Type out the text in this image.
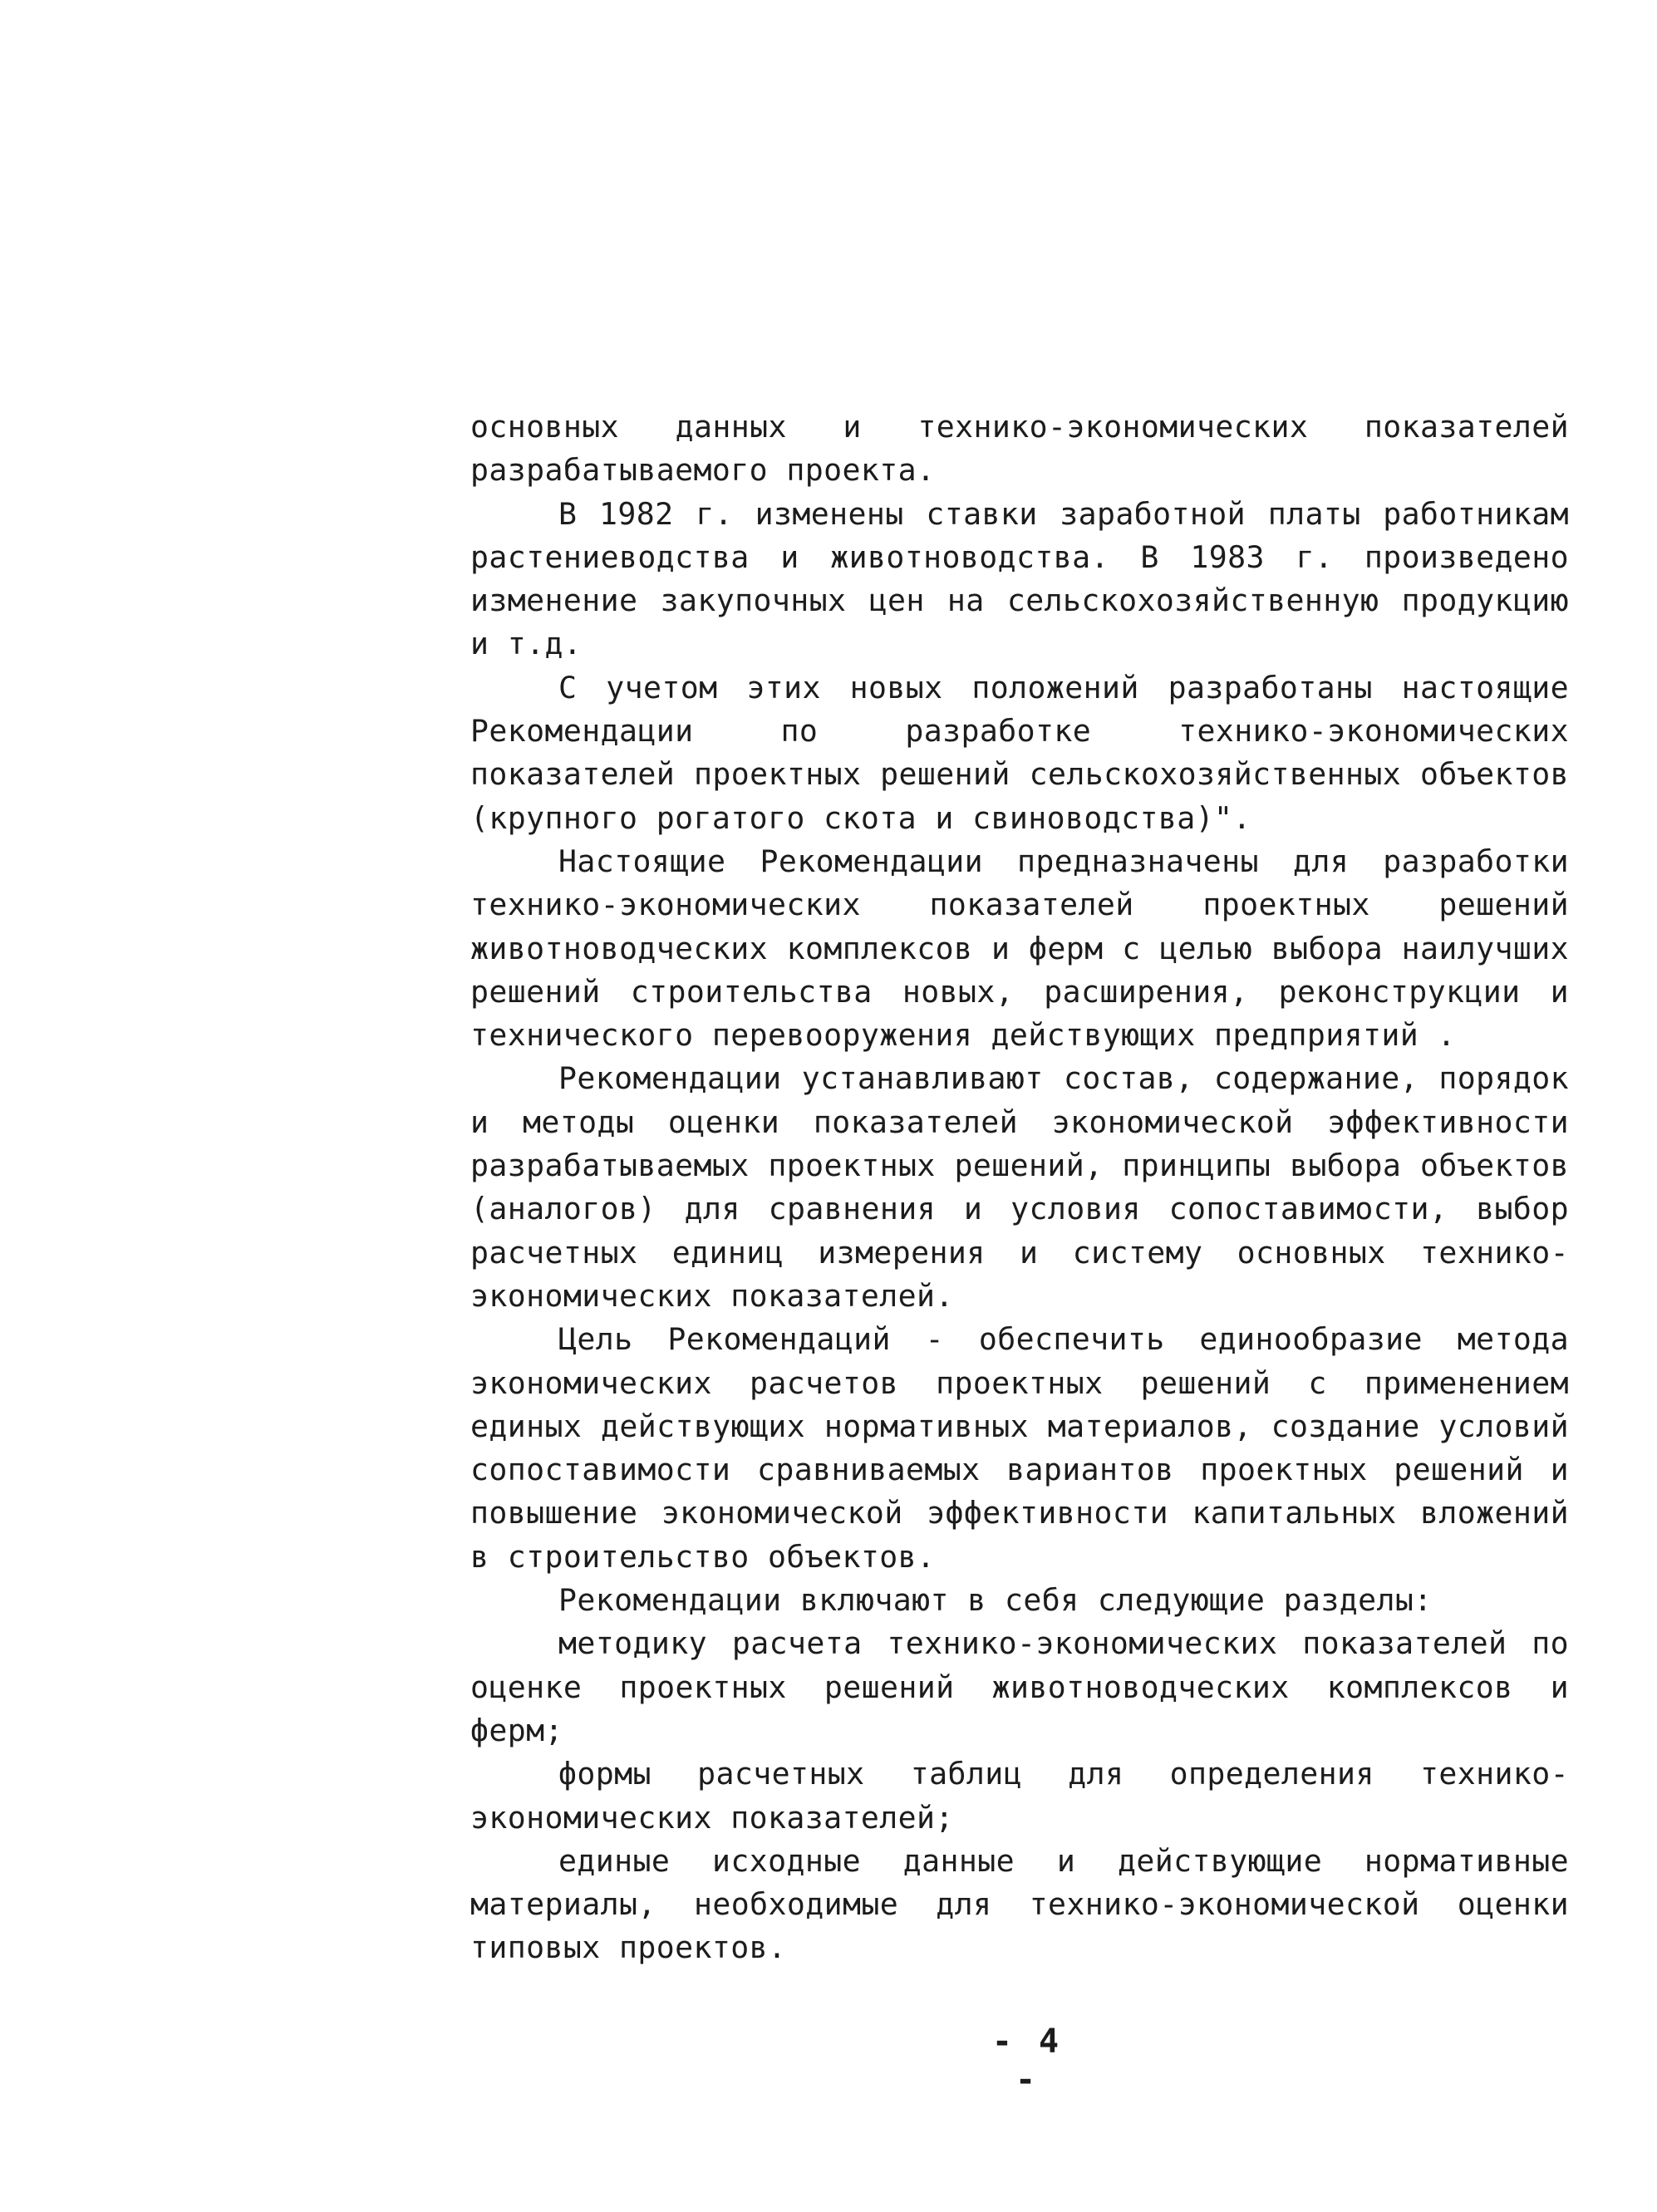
основных данных и технико-экономических показателей разрабатываемого проекта.

В 1982 г. изменены ставки заработной платы работникам растениеводства и животноводства. В 1983 г. произведено изменение закупочных цен на сельскохозяйственную продукцию и т.д.

С учетом этих новых положений разработаны настоящие Рекомендации по разработке технико-экономических показателей проектных решений сельскохозяйственных объектов (крупного рогатого скота и свиноводства)".

Настоящие Рекомендации предназначены для разработки технико-экономических показателей проектных решений животноводческих комплексов и ферм с целью выбора наилучших решений строительства новых, расширения, реконструкции и технического перевооружения действующих предприятий .

Рекомендации устанавливают состав, содержание, порядок и методы оценки показателей экономической эффективности разрабатываемых проектных решений, принципы выбора объектов (аналогов) для сравнения и условия сопоставимости, выбор расчетных единиц измерения и систему основных технико-экономических показателей.

Цель Рекомендаций - обеспечить единообразие метода экономических расчетов проектных решений с применением единых действующих нормативных материалов, создание условий сопоставимости сравниваемых вариантов проектных решений и повышение экономической эффективности капитальных вложений в строительство объектов.

Рекомендации включают в себя следующие разделы:

методику расчета технико-экономических показателей по оценке проектных решений животноводческих комплексов и ферм;

формы расчетных таблиц для определения технико-экономических показателей;

единые исходные данные и действующие нормативные материалы, необходимые для технико-экономической оценки типовых проектов.

- 4 -
